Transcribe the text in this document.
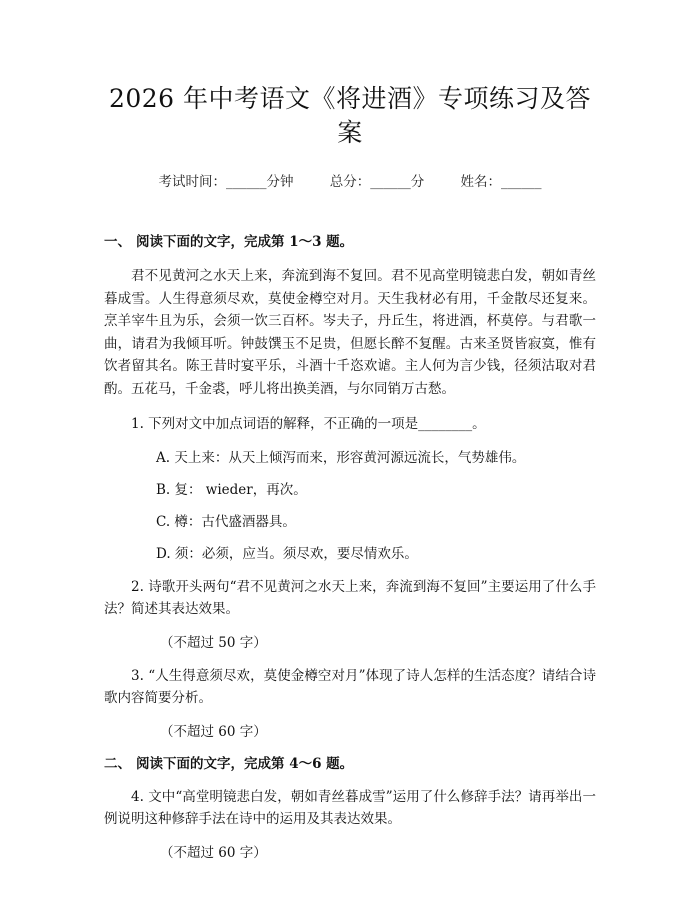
2026 年中考语文《将进酒》专项练习及答案
考试时间：______分钟	总分：______分	姓名：______

一、 阅读下面的文字，完成第 1～3 题。

君不见黄河之水天上来，奔流到海不复回。君不见高堂明镜悲白发，朝如青丝暮成雪。人生得意须尽欢，莫使金樽空对月。天生我材必有用，千金散尽还复来。烹羊宰牛且为乐，会须一饮三百杯。岑夫子，丹丘生，将进酒，杯莫停。与君歌一曲，请君为我倾耳听。钟鼓馔玉不足贵，但愿长醉不复醒。古来圣贤皆寂寞，惟有饮者留其名。陈王昔时宴平乐，斗酒十千恣欢谑。主人何为言少钱，径须沽取对君酌。五花马，千金裘，呼儿将出换美酒，与尔同销万古愁。

1. 下列对文中加点词语的解释，不正确的一项是________。

A. 天上来：从天上倾泻而来，形容黄河源远流长，气势雄伟。

B. 复： wieder，再次。

C. 樽：古代盛酒器具。

D. 须：必须，应当。须尽欢，要尽情欢乐。

2. 诗歌开头两句“君不见黄河之水天上来，奔流到海不复回”主要运用了什么手法？简述其表达效果。

（不超过 50 字）

3. “人生得意须尽欢，莫使金樽空对月”体现了诗人怎样的生活态度？请结合诗歌内容简要分析。

（不超过 60 字）

二、 阅读下面的文字，完成第 4～6 题。

4. 文中“高堂明镜悲白发，朝如青丝暮成雪”运用了什么修辞手法？请再举出一例说明这种修辞手法在诗中的运用及其表达效果。

（不超过 60 字）
